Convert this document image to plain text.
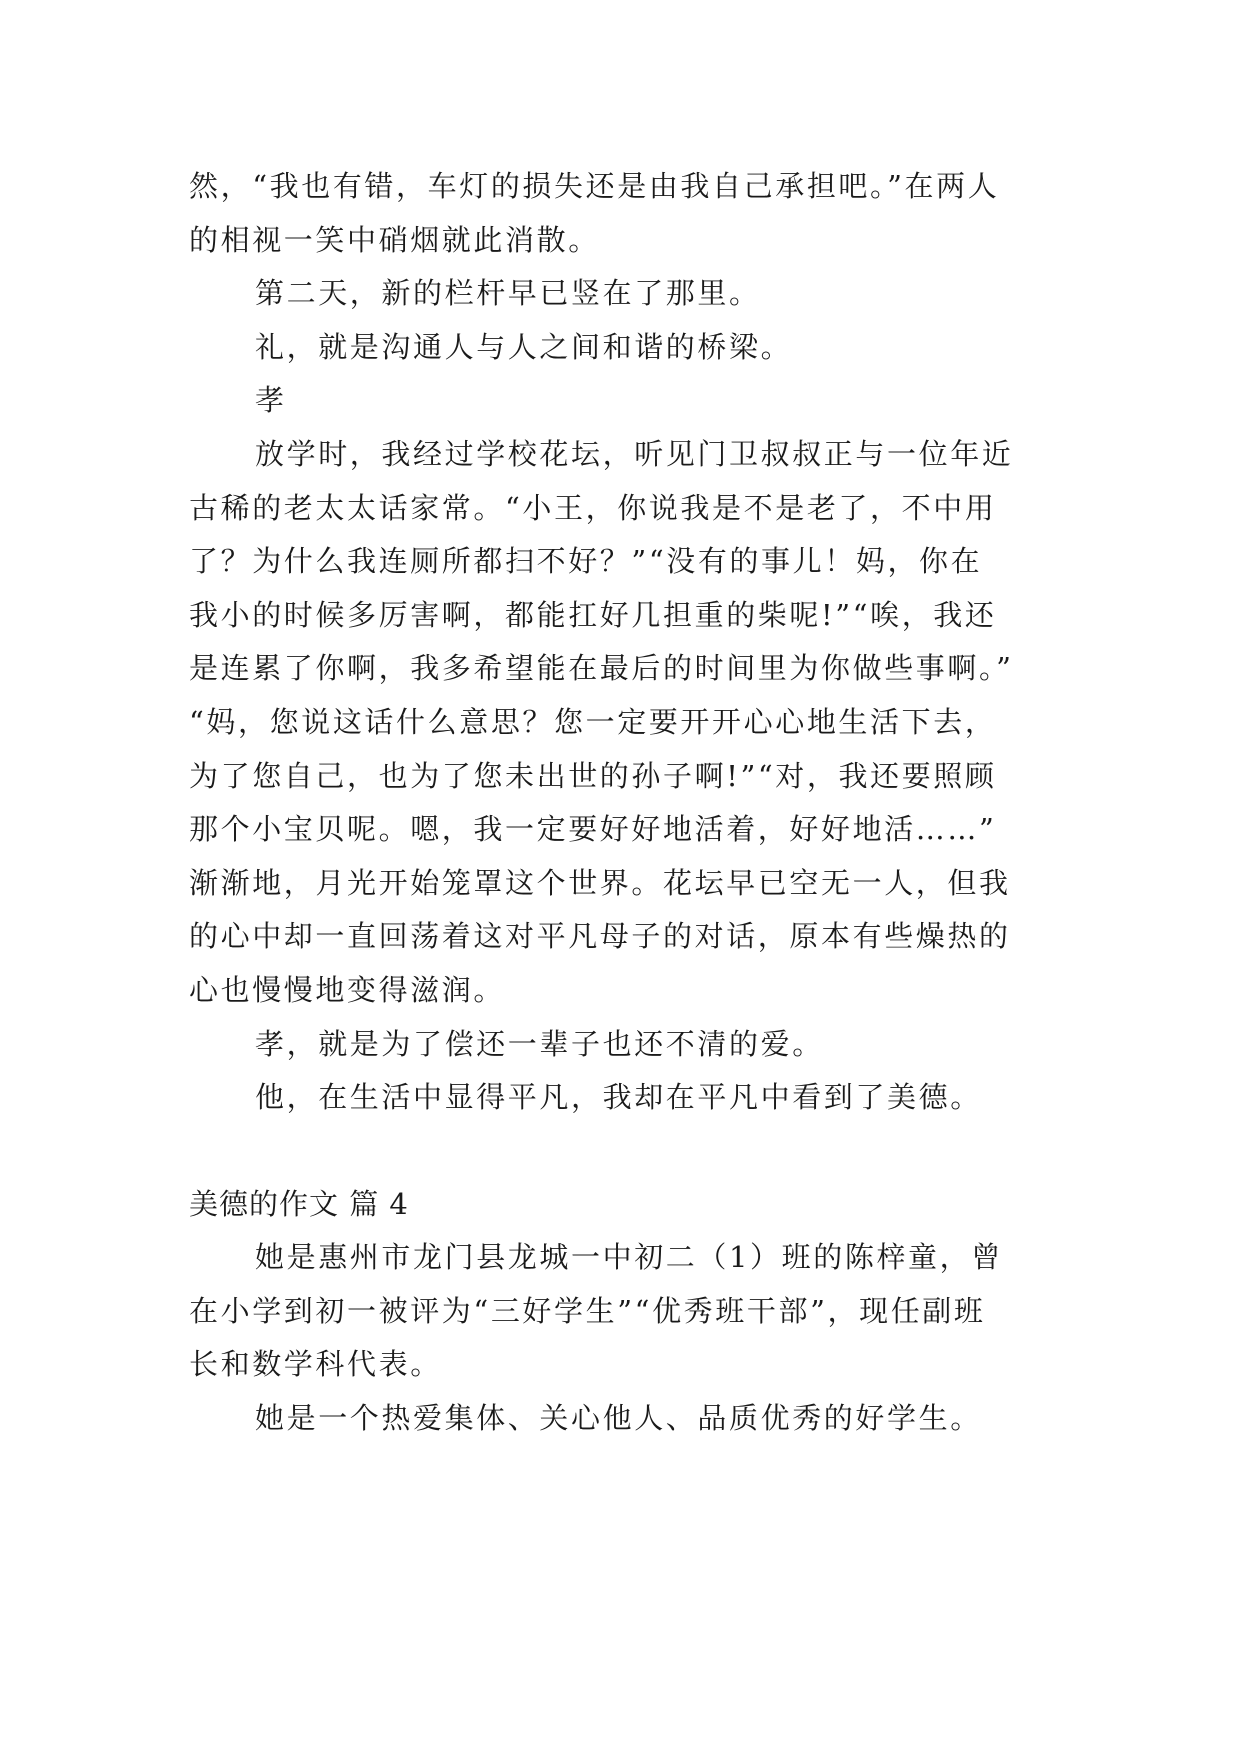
然，“我也有错，车灯的损失还是由我自己承担吧。”在两人
的相视一笑中硝烟就此消散。
第二天，新的栏杆早已竖在了那里。
礼，就是沟通人与人之间和谐的桥梁。
孝
放学时，我经过学校花坛，听见门卫叔叔正与一位年近
古稀的老太太话家常。“小王，你说我是不是老了，不中用
了？为什么我连厕所都扫不好？”“没有的事儿！妈，你在
我小的时候多厉害啊，都能扛好几担重的柴呢!”“唉，我还
是连累了你啊，我多希望能在最后的时间里为你做些事啊。”
“妈，您说这话什么意思？您一定要开开心心地生活下去，
为了您自己，也为了您未出世的孙子啊!”“对，我还要照顾
那个小宝贝呢。嗯，我一定要好好地活着，好好地活……”
渐渐地，月光开始笼罩这个世界。花坛早已空无一人，但我
的心中却一直回荡着这对平凡母子的对话，原本有些燥热的
心也慢慢地变得滋润。
孝，就是为了偿还一辈子也还不清的爱。
他，在生活中显得平凡，我却在平凡中看到了美德。
美德的作文 篇 4
她是惠州市龙门县龙城一中初二（1）班的陈梓童，曾
在小学到初一被评为“三好学生”“优秀班干部”，现任副班
长和数学科代表。
她是一个热爱集体、关心他人、品质优秀的好学生。
